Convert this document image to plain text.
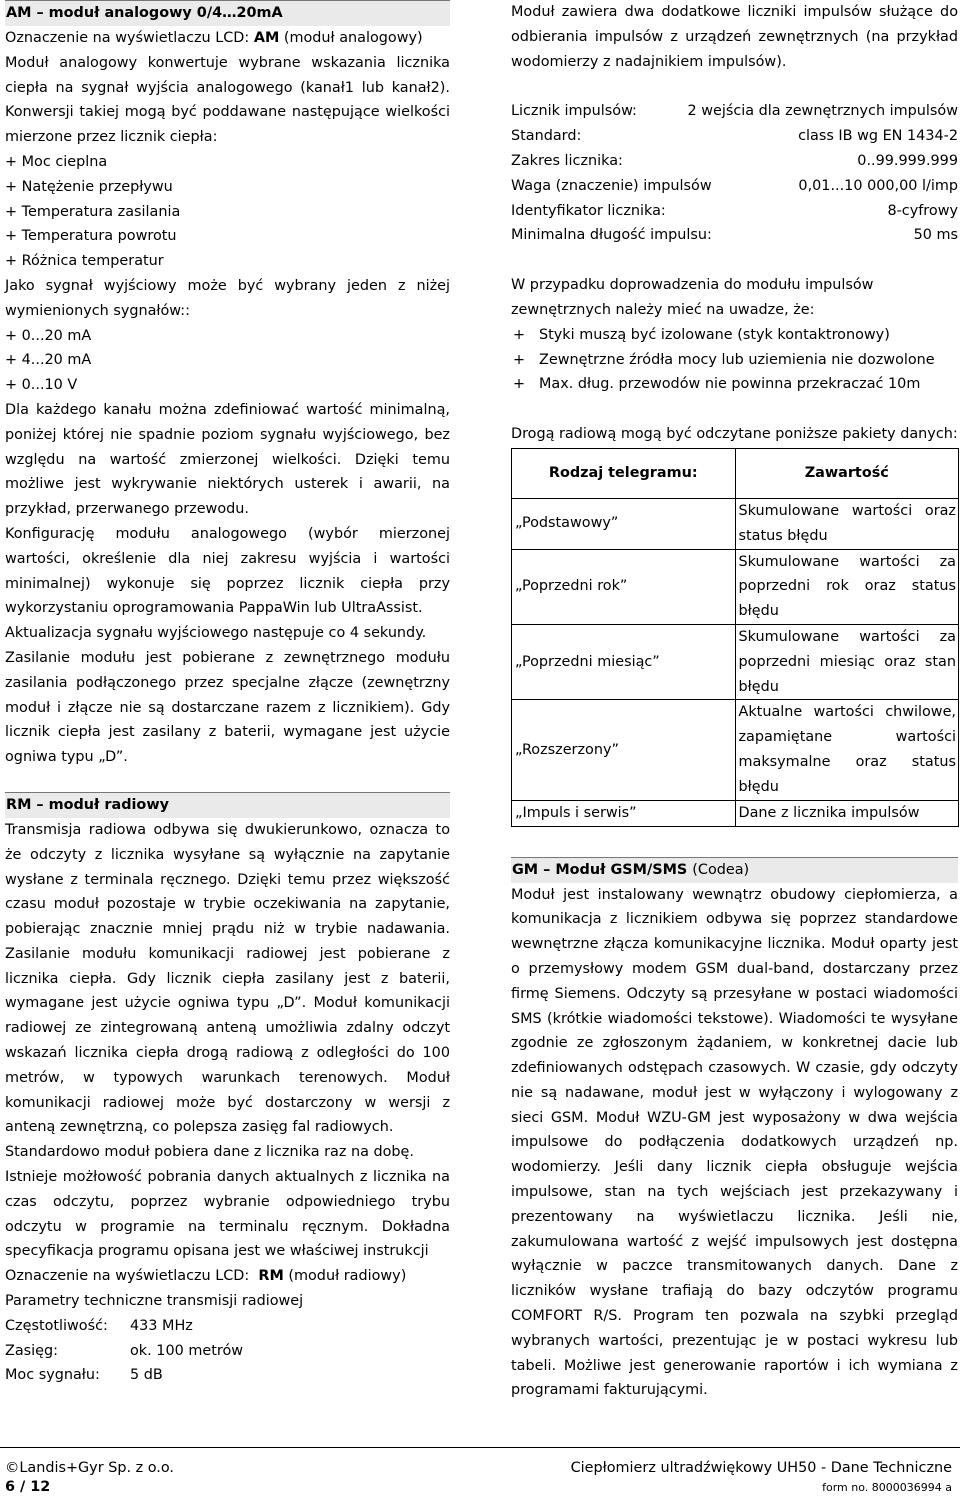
AM – moduł analogowy 0/4…20mA
Oznaczenie na wyświetlaczu LCD: AM (moduł analogowy)
Moduł analogowy konwertuje wybrane wskazania licznika ciepła na sygnał wyjścia analogowego (kanał1 lub kanał2). Konwersji takiej mogą być poddawane następujące wielkości mierzone przez licznik ciepła:
+ Moc cieplna
+ Natężenie przepływu
+ Temperatura zasilania
+ Temperatura powrotu
+ Różnica temperatur
Jako sygnał wyjściowy może być wybrany jeden z niżej wymienionych sygnałów::
+ 0...20 mA
+ 4...20 mA
+ 0...10 V
Dla każdego kanału można zdefiniować wartość minimalną, poniżej której nie spadnie poziom sygnału wyjściowego, bez względu na wartość zmierzonej wielkości. Dzięki temu możliwe jest wykrywanie niektórych usterek i awarii, na przykład, przerwanego przewodu.
Konfigurację modułu analogowego (wybór mierzonej wartości, określenie dla niej zakresu wyjścia i wartości minimalnej) wykonuje się poprzez licznik ciepła przy wykorzystaniu oprogramowania PappaWin lub UltraAssist.
Aktualizacja sygnału wyjściowego następuje co 4 sekundy.
Zasilanie modułu jest pobierane z zewnętrznego modułu zasilania podłączonego przez specjalne złącze (zewnętrzny moduł i złącze nie są dostarczane razem z licznikiem). Gdy licznik ciepła jest zasilany z baterii, wymagane jest użycie ogniwa typu „D”.
RM – moduł radiowy
Transmisja radiowa odbywa się dwukierunkowo, oznacza to że odczyty z licznika wysyłane są wyłącznie na zapytanie wysłane z terminala ręcznego. Dzięki temu przez większość czasu moduł pozostaje w trybie oczekiwania na zapytanie, pobierając znacznie mniej prądu niż w trybie nadawania. Zasilanie modułu komunikacji radiowej jest pobierane z licznika ciepła. Gdy licznik ciepła zasilany jest z baterii, wymagane jest użycie ogniwa typu „D”. Moduł komunikacji radiowej ze zintegrowaną anteną umożliwia zdalny odczyt wskazań licznika ciepła drogą radiową z odległości do 100 metrów, w typowych warunkach terenowych. Moduł komunikacji radiowej może być dostarczony w wersji z anteną zewnętrzną, co polepsza zasięg fal radiowych.
Standardowo moduł pobiera dane z licznika raz na dobę.
Istnieje możłowość pobrania danych aktualnych z licznika na czas odczytu, poprzez wybranie odpowiedniego trybu odczytu w programie na terminalu ręcznym. Dokładna specyfikacja programu opisana jest we właściwej instrukcji
Oznaczenie na wyświetlaczu LCD: RM (moduł radiowy)
Parametry techniczne transmisji radiowej
Częstotliwość:	433 MHz
Zasięg:	ok. 100 metrów
Moc sygnału:	5 dB
Moduł zawiera dwa dodatkowe liczniki impulsów służące do odbierania impulsów z urządzeń zewnętrznych (na przykład wodomierzy z nadajnikiem impulsów).
Licznik impulsów:	2 wejścia dla zewnętrznych impulsów
Standard:	class IB wg EN 1434-2
Zakres licznika:	0..99.999.999
Waga (znaczenie) impulsów	0,01...10 000,00 l/imp
Identyfikator licznika:	8-cyfrowy
Minimalna długość impulsu:	50 ms
W przypadku doprowadzenia do modułu impulsów zewnętrznych należy mieć na uwadze, że:
+ Styki muszą być izolowane (styk kontaktronowy)
+ Zewnętrzne źródła mocy lub uziemienia nie dozwolone
+ Max. dług. przewodów nie powinna przekraczać 10m
Drogą radiową mogą być odczytane poniższe pakiety danych:
Rodzaj telegramu:	Zawartość
„Podstawowy”	Skumulowane wartości oraz status błędu
„Poprzedni rok”	Skumulowane wartości za poprzedni rok oraz status błędu
„Poprzedni miesiąc”	Skumulowane wartości za poprzedni miesiąc oraz stan błędu
„Rozszerzony”	Aktualne wartości chwilowe, zapamiętane wartości maksymalne oraz status błędu
„Impuls i serwis”	Dane z licznika impulsów
GM – Moduł GSM/SMS (Codea)
Moduł jest instalowany wewnątrz obudowy ciepłomierza, a komunikacja z licznikiem odbywa się poprzez standardowe wewnętrzne złącza komunikacyjne licznika. Moduł oparty jest o przemysłowy modem GSM dual-band, dostarczany przez firmę Siemens. Odczyty są przesyłane w postaci wiadomości SMS (krótkie wiadomości tekstowe). Wiadomości te wysyłane zgodnie ze zgłoszonym żądaniem, w konkretnej dacie lub zdefiniowanych odstępach czasowych. W czasie, gdy odczyty nie są nadawane, moduł jest w wyłączony i wylogowany z sieci GSM. Moduł WZU-GM jest wyposażony w dwa wejścia impulsowe do podłączenia dodatkowych urządzeń np. wodomierzy. Jeśli dany licznik ciepła obsługuje wejścia impulsowe, stan na tych wejściach jest przekazywany i prezentowany na wyświetlaczu licznika. Jeśli nie, zakumulowana wartość z wejść impulsowych jest dostępna wyłącznie w paczce transmitowanych danych. Dane z liczników wysłane trafiają do bazy odczytów programu COMFORT R/S. Program ten pozwala na szybki przegląd wybranych wartości, prezentując je w postaci wykresu lub tabeli. Możliwe jest generowanie raportów i ich wymiana z programami fakturującymi.
© Landis+Gyr Sp. z o.o.
6 / 12
Ciepłomierz ultradźwiękowy UH50 - Dane Techniczne
form no. 8000036994 a
